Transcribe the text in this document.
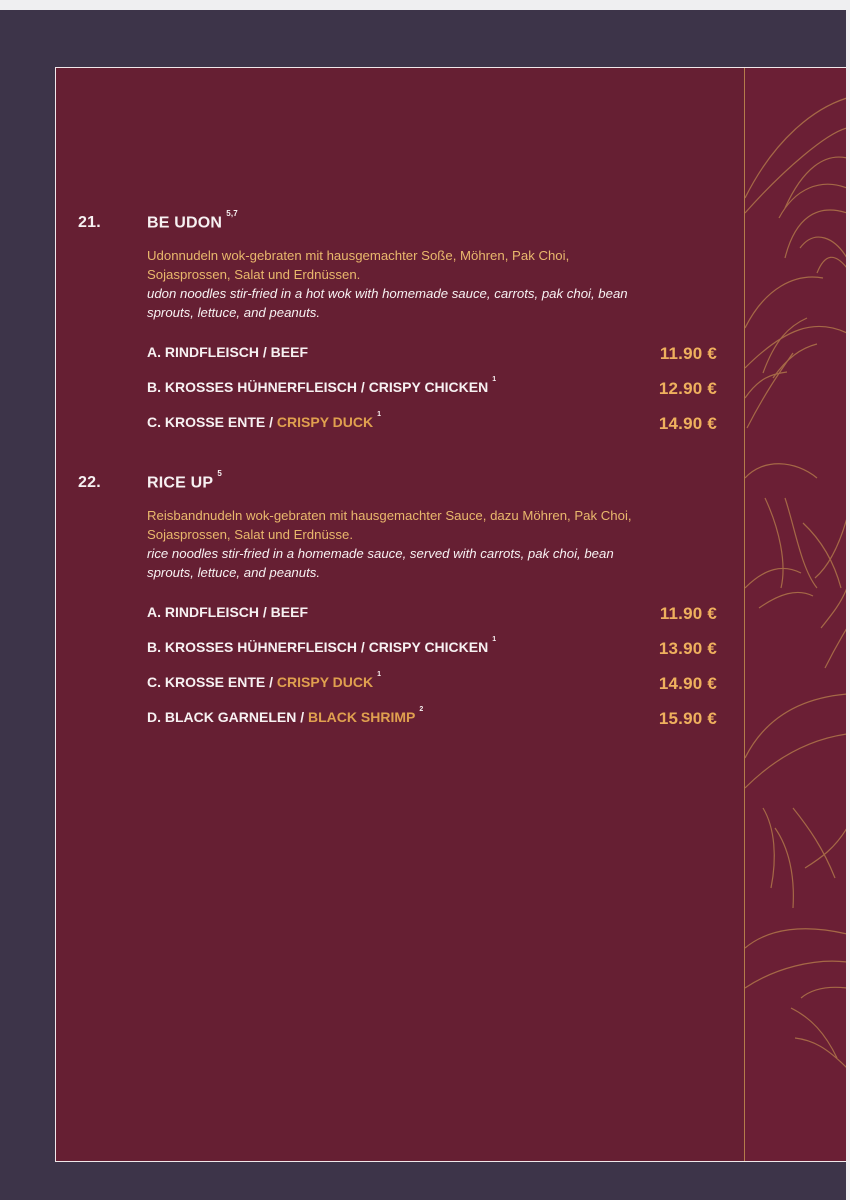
21.	BE UDON$^{5,7}$
Udonnudeln wok-gebraten mit hausgemachter Soße, Möhren, Pak Choi,
Sojasprossen, Salat und Erdnüssen.
udon noodles stir-fried in a hot wok with homemade sauce, carrots, pak choi, bean
sprouts, lettuce, and peanuts.
A. RINDFLEISCH / BEEF	11.90 €
B. KROSSES HÜHNERFLEISCH / CRISPY CHICKEN $^1$	12.90 €
C. KROSSE ENTE / CRISPY DUCK $^1$	14.90 €
22.	RICE $UP^5$
Reisbandnudeln wok-gebraten mit hausgemachter Sauce, dazu Möhren, Pak Choi,
Sojasprossen, Salat und Erdnüsse.
rice noodles stir-fried in a homemade sauce, served with carrots, pak choi, bean
sprouts, lettuce, and peanuts.
A. RINDFLEISCH / BEEF	11.90 €
B. KROSSES HÜHNERFLEISCH / CRISPY CHICKEN $^1$	13.90 €
C. KROSSE ENTE / CRISPY DUCK $^1$	14.90 €
D. BLACK GARNELEN / BLACK SHRIMP $^2$	15.90 €
